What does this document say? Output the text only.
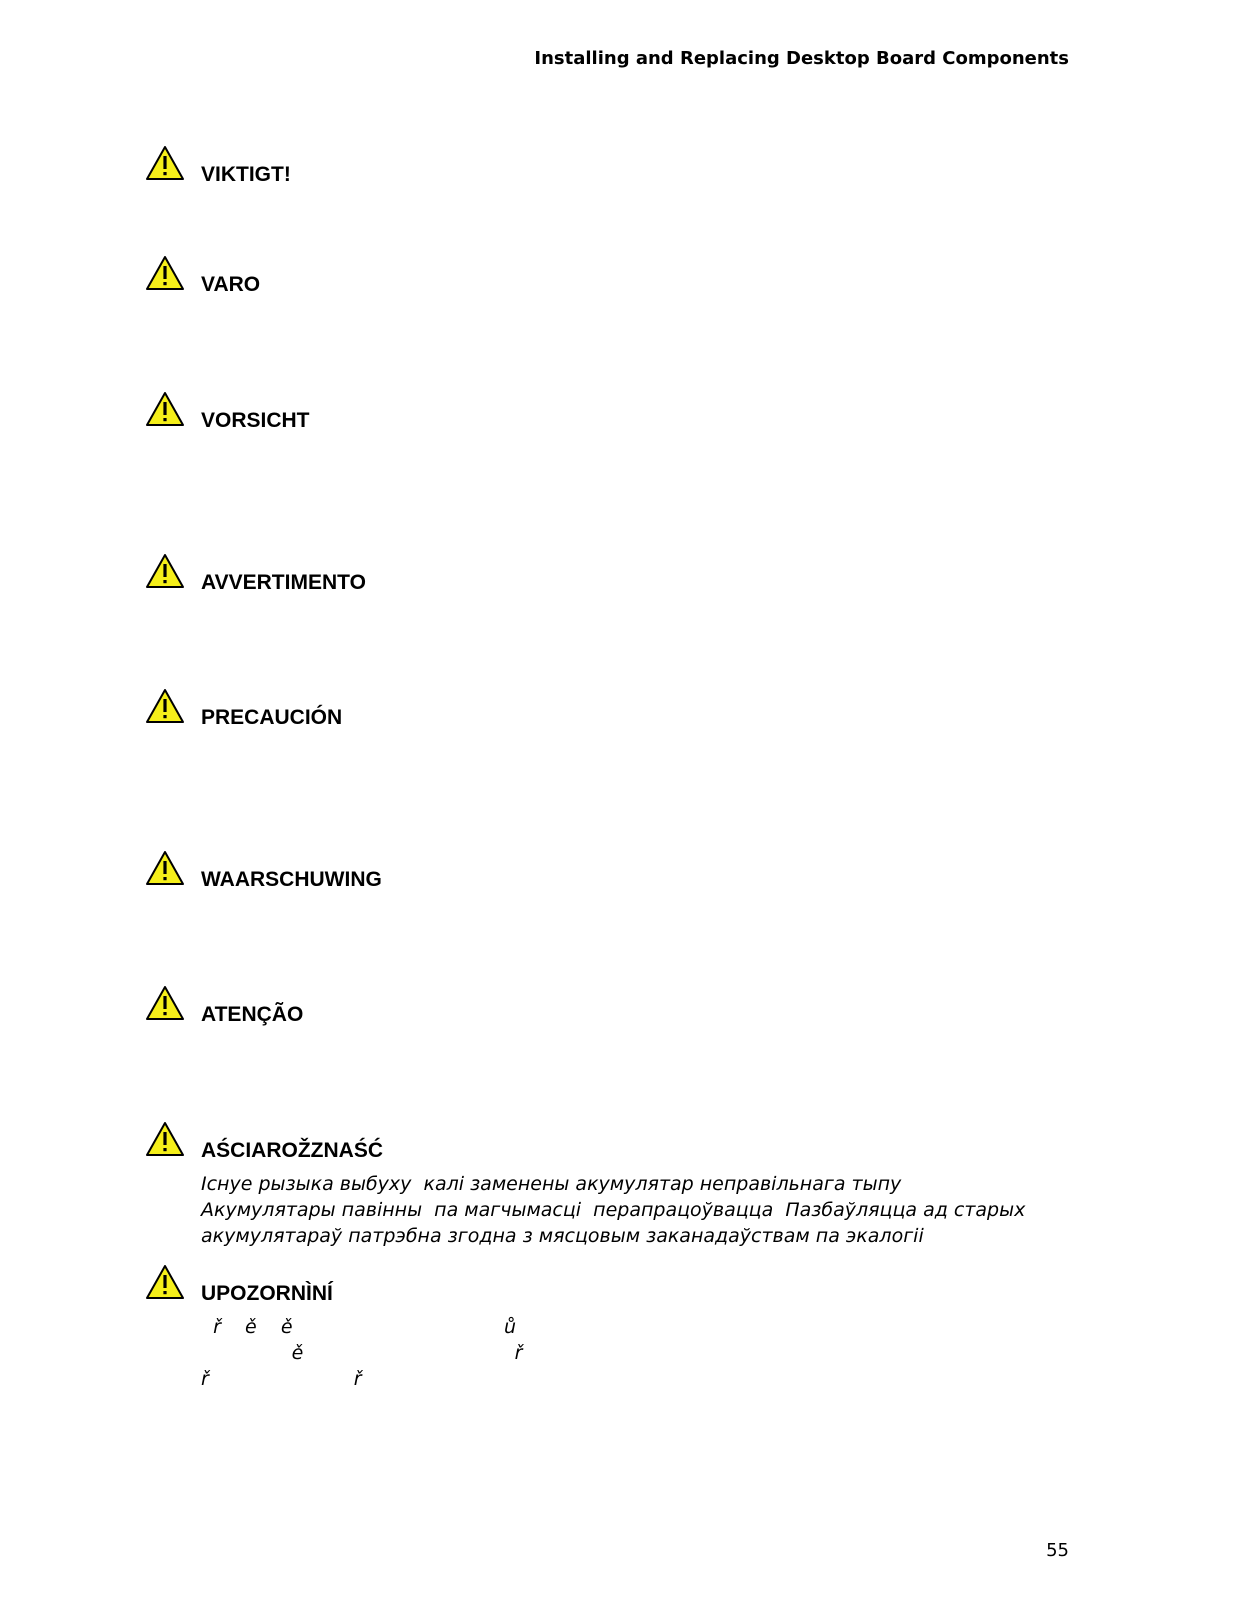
Installing and Replacing Desktop Board Components
VIKTIGT!
VARO
VORSICHT
AVVERTIMENTO
PRECAUCIÓN
WAARSCHUWING
ATENÇÃO
AŚCIAROŽZNAŚĆ
Існуе рызыка выбуху  калі заменены акумулятар неправільнага тыпу
Акумулятары павінны  па магчымасці  перапрацоўвацца  Пазбаўляцца ад старых
акумулятараў патрэбна згодна з мясцовым заканадаўствам па экалогіі
UPOZORNÌNÍ
ř    ě    ě                                   ů
ě                                   ř
ř                        ř
55
